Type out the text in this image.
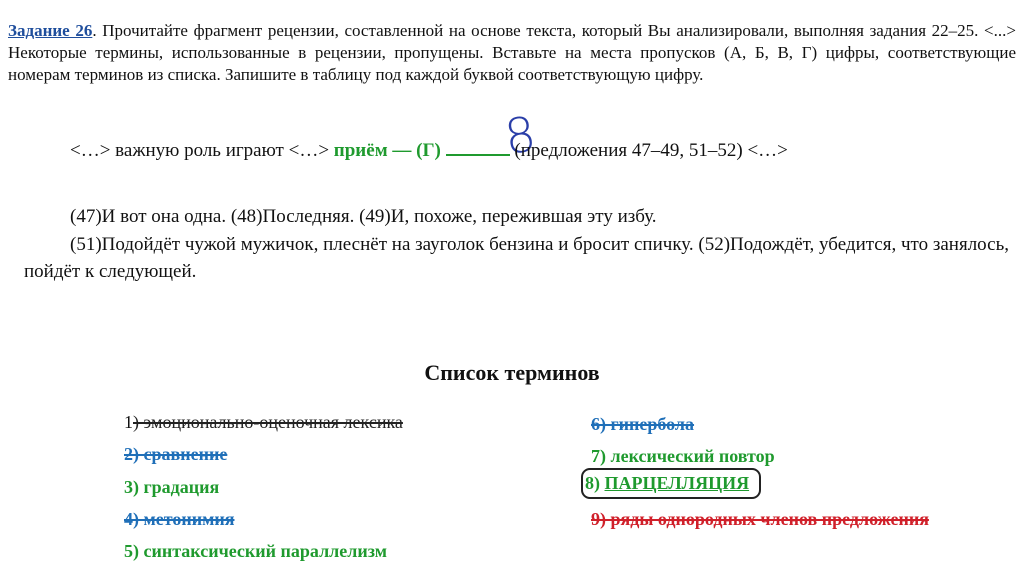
Задание 26. Прочитайте фрагмент рецензии, составленной на основе текста, который Вы анализировали, выполняя задания 22–25. <...> Некоторые термины, использованные в рецензии, пропущены. Вставьте на места пропусков (А, Б, В, Г) цифры, соответствующие номерам терминов из списка. Запишите в таблицу под каждой буквой соответствующую цифру.
8
<…> важную роль играют <…> приём — (Г)	(предложения 47–49, 51–52) <…>
(47)И вот она одна. (48)Последняя. (49)И, похоже, пережившая эту избу.
(51)Подойдёт чужой мужичок, плеснёт на зауголок бензина и бросит спичку. (52)Подождёт, убедится, что занялось, пойдёт к следующей.
Список терминов
1) эмоционально-оценочная лексика
2) сравнение
3) градация
4) метонимия
5) синтаксический параллелизм
6) гипербола
7) лексический повтор
8) ПАРЦЕЛЛЯЦИЯ
9) ряды однородных членов предложения
